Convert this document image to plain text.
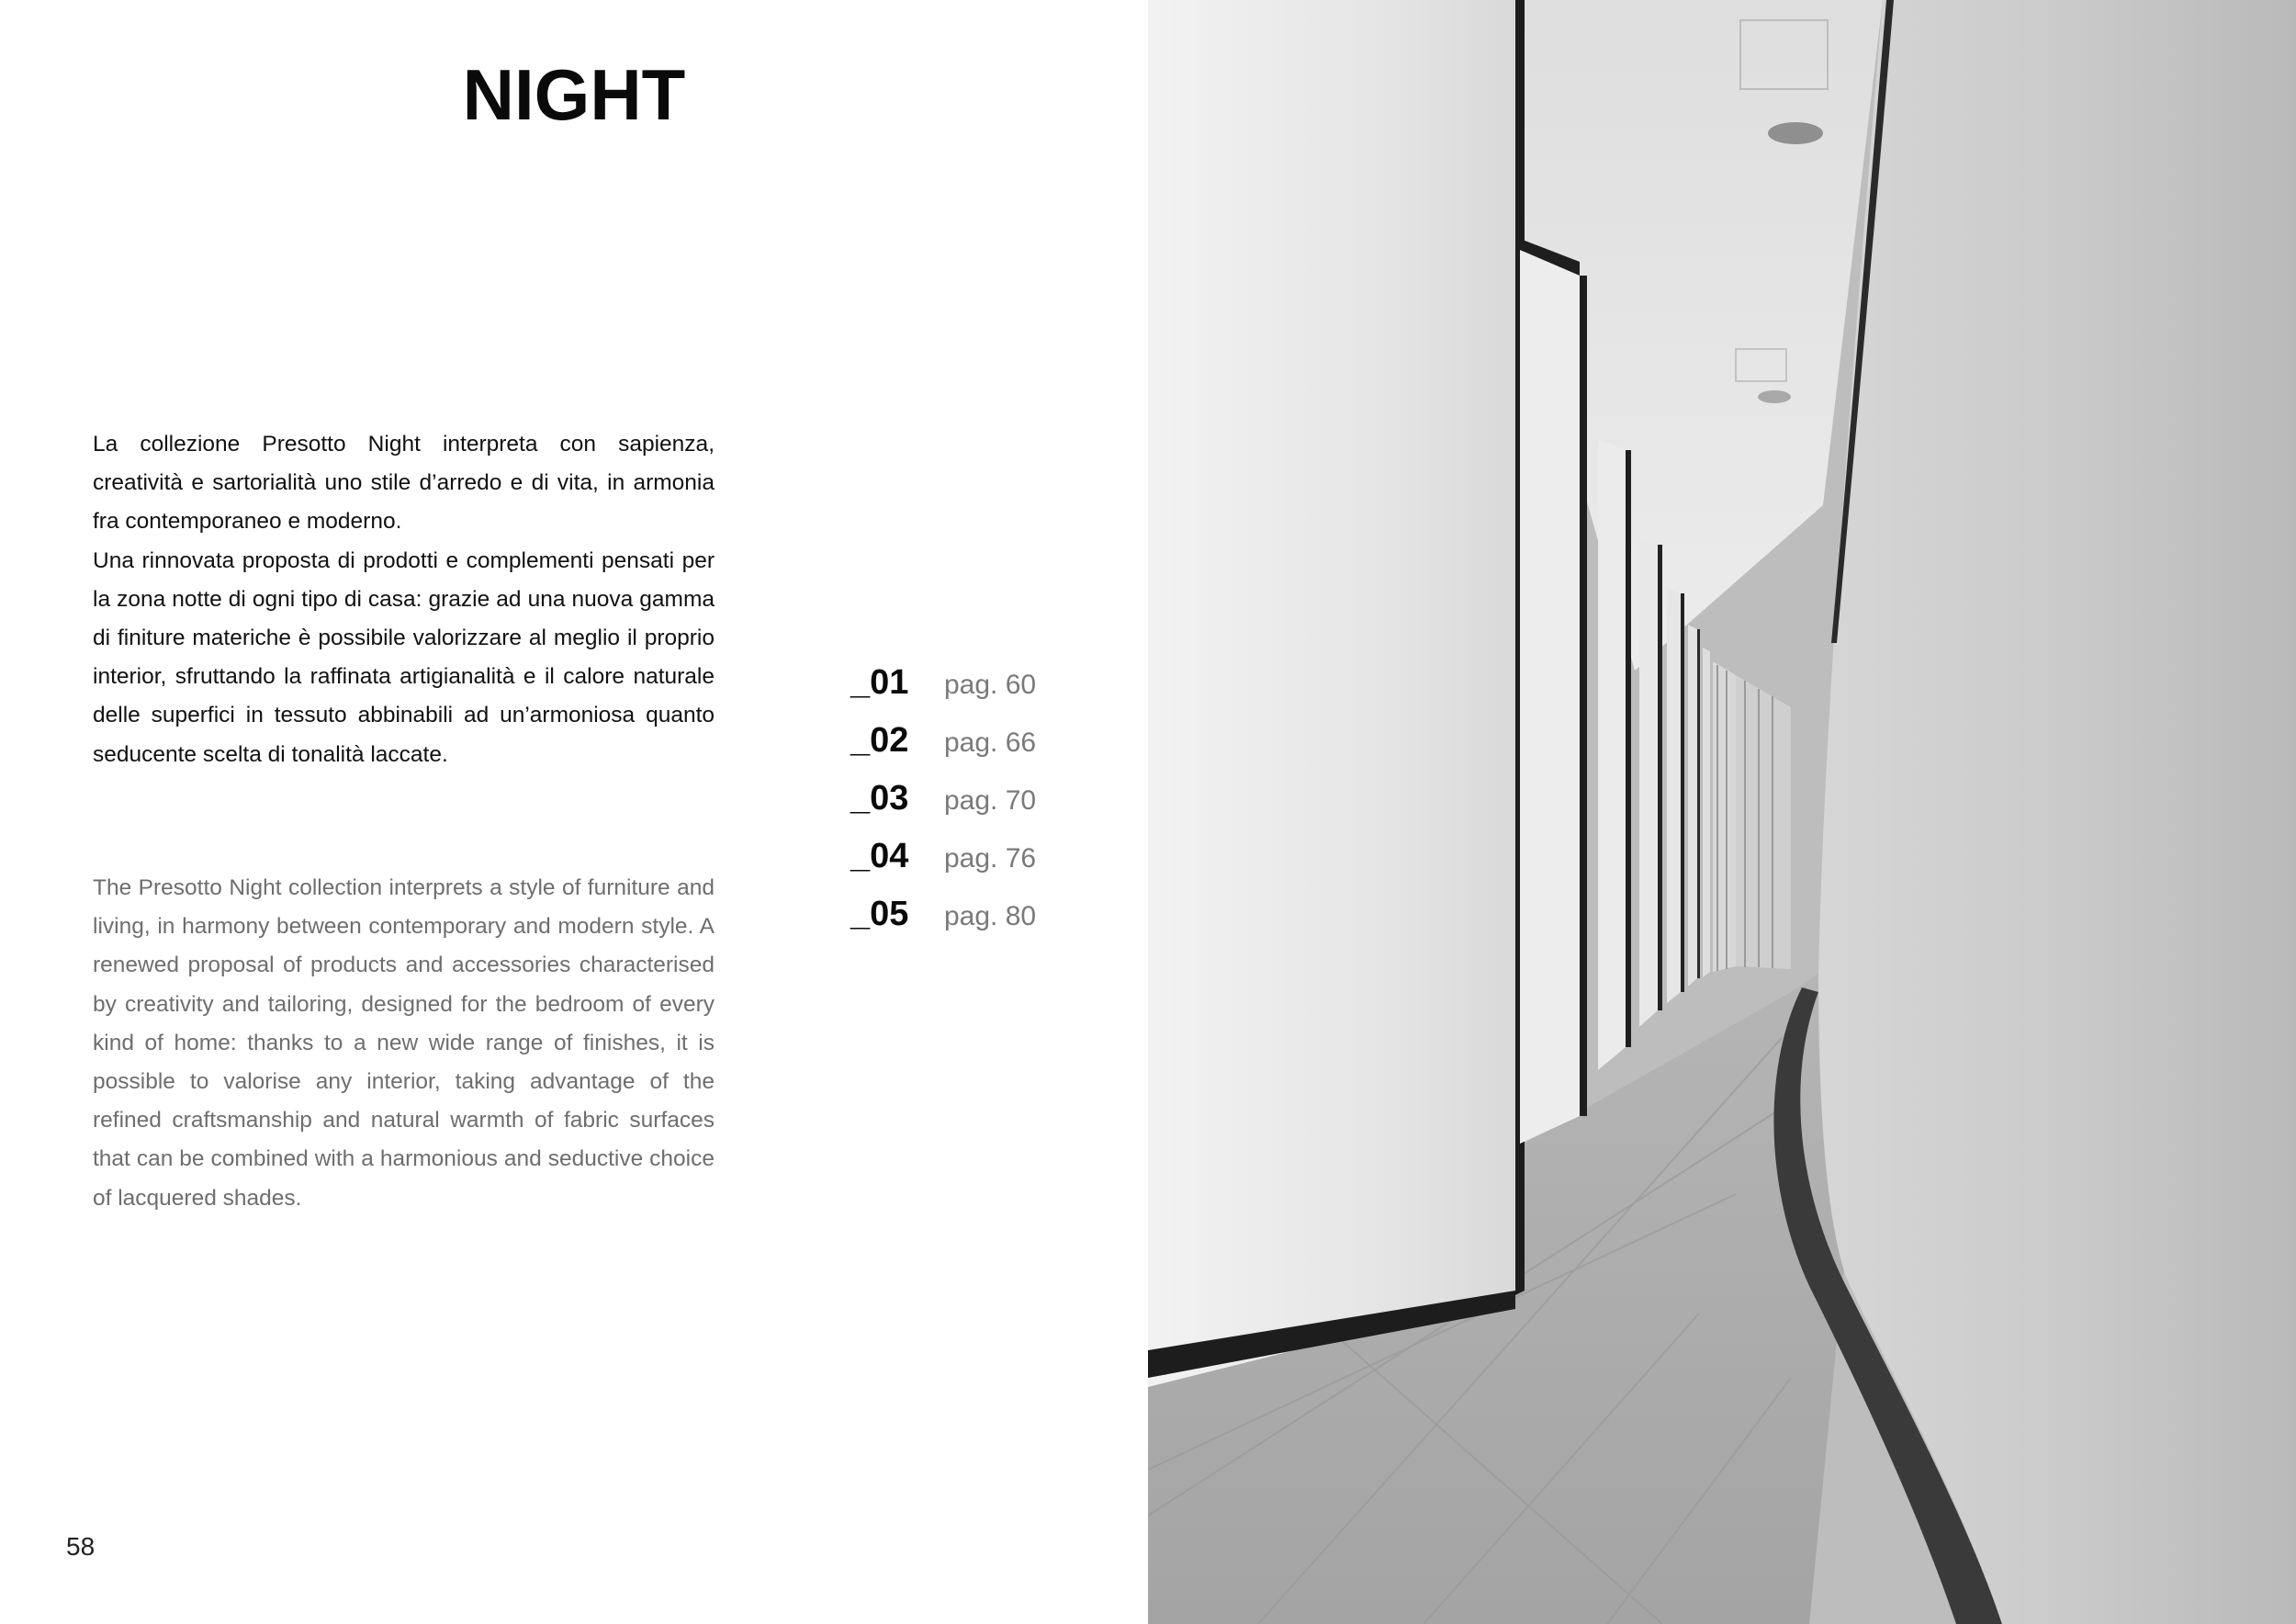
NIGHT

La collezione Presotto Night interpreta con sapienza, creatività e sartorialità uno stile d’arredo e di vita, in armonia fra contemporaneo e moderno.

Una rinnovata proposta di prodotti e complementi pensati per la zona notte di ogni tipo di casa: grazie ad una nuova gamma di finiture materiche è possibile valorizzare al meglio il proprio interior, sfruttando la raffinata artigianalità e il calore naturale delle superfici in tessuto abbinabili ad un’armoniosa quanto seducente scelta di tonalità laccate.

The Presotto Night collection interprets a style of furniture and living, in harmony between contemporary and modern style. A renewed proposal of products and accessories characterised by creativity and tailoring, designed for the bedroom of every kind of home: thanks to a new wide range of finishes, it is possible to valorise any interior, taking advantage of the refined craftsmanship and natural warmth of fabric surfaces that can be combined with a harmonious and seductive choice of lacquered shades.

_01	pag. 60
_02	pag. 66
_03	pag. 70
_04	pag. 76
_05	pag. 80
58
